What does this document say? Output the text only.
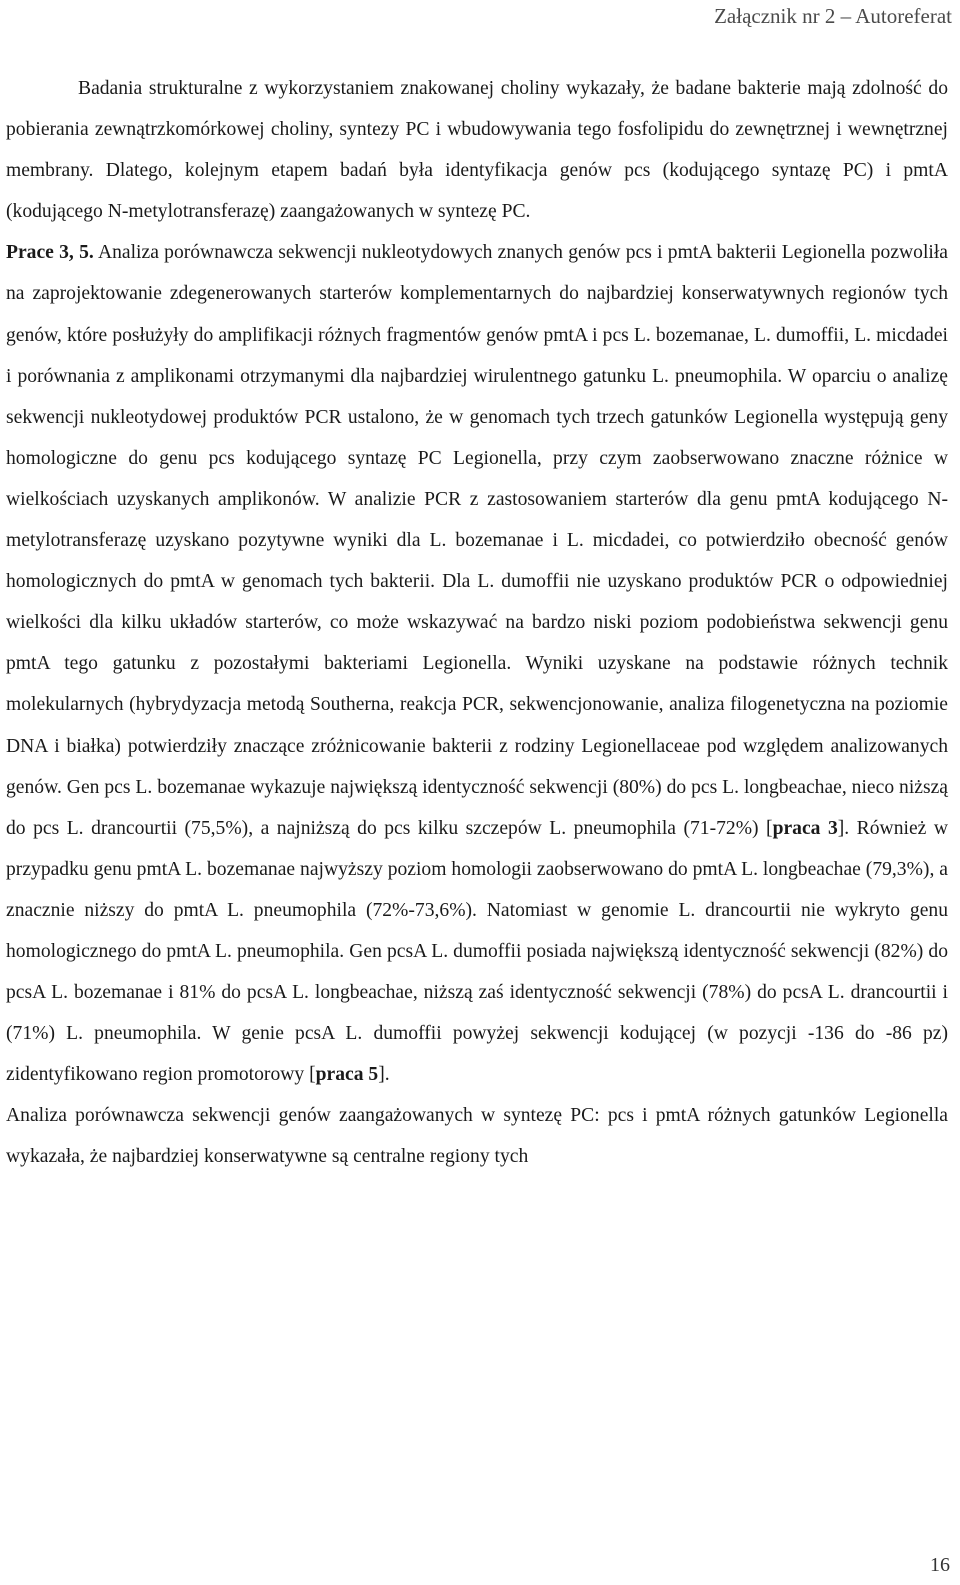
Załącznik nr 2 – Autoreferat

Badania strukturalne z wykorzystaniem znakowanej choliny wykazały, że badane bakterie mają zdolność do pobierania zewnątrzkomórkowej choliny, syntezy PC i wbudowywania tego fosfolipidu do zewnętrznej i wewnętrznej membrany. Dlatego, kolejnym etapem badań była identyfikacja genów pcs (kodującego syntazę PC) i pmtA (kodującego N-metylotransferazę) zaangażowanych w syntezę PC.

Prace 3, 5. Analiza porównawcza sekwencji nukleotydowych znanych genów pcs i pmtA bakterii Legionella pozwoliła na zaprojektowanie zdegenerowanych starterów komplementarnych do najbardziej konserwatywnych regionów tych genów, które posłużyły do amplifikacji różnych fragmentów genów pmtA i pcs L. bozemanae, L. dumoffii, L. micdadei i porównania z amplikonami otrzymanymi dla najbardziej wirulentnego gatunku L. pneumophila. W oparciu o analizę sekwencji nukleotydowej produktów PCR ustalono, że w genomach tych trzech gatunków Legionella występują geny homologiczne do genu pcs kodującego syntazę PC Legionella, przy czym zaobserwowano znaczne różnice w wielkościach uzyskanych amplikonów. W analizie PCR z zastosowaniem starterów dla genu pmtA kodującego N-metylotransferazę uzyskano pozytywne wyniki dla L. bozemanae i L. micdadei, co potwierdziło obecność genów homologicznych do pmtA w genomach tych bakterii. Dla L. dumoffii nie uzyskano produktów PCR o odpowiedniej wielkości dla kilku układów starterów, co może wskazywać na bardzo niski poziom podobieństwa sekwencji genu pmtA tego gatunku z pozostałymi bakteriami Legionella. Wyniki uzyskane na podstawie różnych technik molekularnych (hybrydyzacja metodą Southerna, reakcja PCR, sekwencjonowanie, analiza filogenetyczna na poziomie DNA i białka) potwierdziły znaczące zróżnicowanie bakterii z rodziny Legionellaceae pod względem analizowanych genów. Gen pcs L. bozemanae wykazuje największą identyczność sekwencji (80%) do pcs L. longbeachae, nieco niższą do pcs L. drancourtii (75,5%), a najniższą do pcs kilku szczepów L. pneumophila (71-72%) [praca 3]. Również w przypadku genu pmtA L. bozemanae najwyższy poziom homologii zaobserwowano do pmtA L. longbeachae (79,3%), a znacznie niższy do pmtA L. pneumophila (72%-73,6%). Natomiast w genomie L. drancourtii nie wykryto genu homologicznego do pmtA L. pneumophila. Gen pcsA L. dumoffii posiada największą identyczność sekwencji (82%) do pcsA L. bozemanae i 81% do pcsA L. longbeachae, niższą zaś identyczność sekwencji (78%) do pcsA L. drancourtii i (71%) L. pneumophila. W genie pcsA L. dumoffii powyżej sekwencji kodującej (w pozycji -136 do -86 pz) zidentyfikowano region promotorowy [praca 5].

Analiza porównawcza sekwencji genów zaangażowanych w syntezę PC: pcs i pmtA różnych gatunków Legionella wykazała, że najbardziej konserwatywne są centralne regiony tych

16
